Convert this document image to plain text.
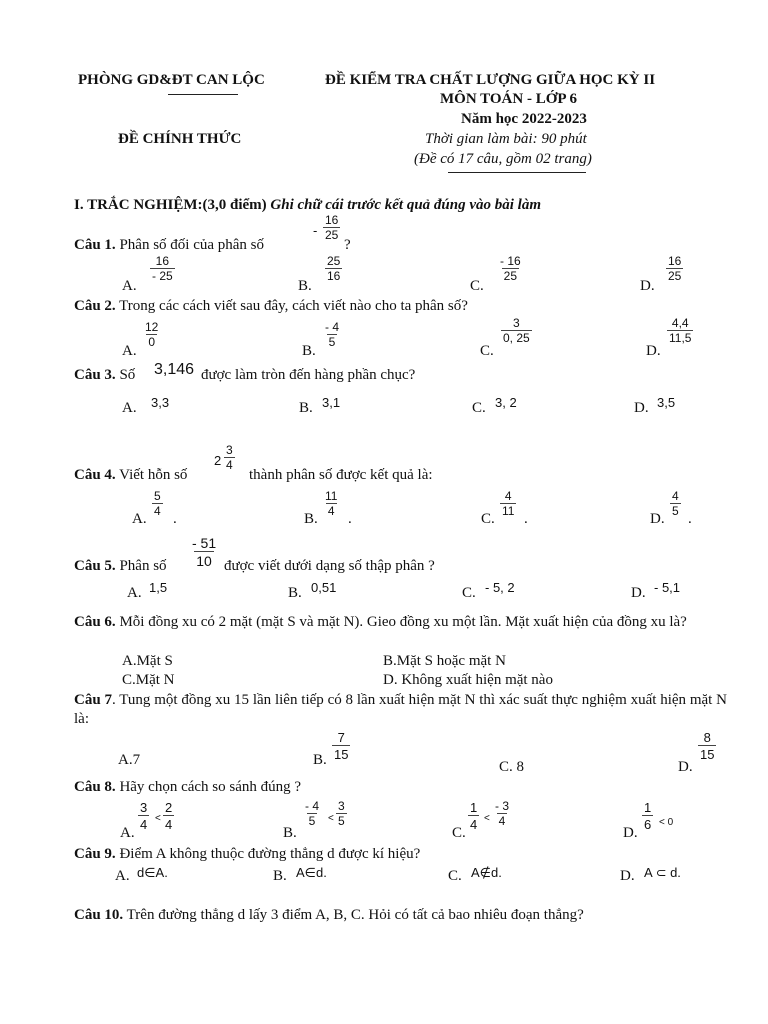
PHÒNG GD&ĐT CAN LỘC
ĐỀ CHÍNH THỨC
ĐỀ KIỂM TRA CHẤT LƯỢNG GIỮA HỌC KỲ II
MÔN TOÁN - LỚP 6
Năm học 2022-2023
Thời gian làm bài: 90 phút
(Đề có 17 câu, gồm 02 trang)
I. TRẮC NGHIỆM:(3,0 điểm) Ghi chữ cái trước kết quả đúng vào bài làm
Câu 1. Phân số đối của phân số
- $\frac{16}{25}$
?
A.
$\frac{16}{- 25}$
B.
$\frac{25}{16}$
C.
$\frac{- 16}{25}$
D.
$\frac{16}{25}$
Câu 2. Trong các cách viết sau đây, cách viết nào cho ta phân số?
A.
$\frac{12}{0}$
B.
$\frac{- 4}{5}$
C.
$\frac{3}{0, 25}$
D.
$\frac{4,4}{11,5}$
Câu 3. Số 3,146 được làm tròn đến hàng phần chục?
A. 3,3	B. 3,1	C. 3, 2	D. 3,5
Câu 4. Viết hỗn số
$2 \frac{3}{4}$
thành phân số được kết quả là:
A.
$\frac{5}{4}$
.	B.
$\frac{11}{4}$
.	C.
$\frac{4}{11}$
.	D.
$\frac{4}{5}$
.
Câu 5. Phân số $\frac{- 51}{10}$ được viết dưới dạng số thập phân ?
A. 1,5	B. 0,51	C. - 5, 2	D. - 5,1
Câu 6. Mỗi đồng xu có 2 mặt (mặt S và mặt N). Gieo đồng xu một lần. Mặt xuất hiện của đồng xu là?
A.Mặt S	B.Mặt S hoặc mặt N
C.Mặt N	D. Không xuất hiện mặt nào
Câu 7. Tung một đồng xu 15 lần liên tiếp có 8 lần xuất hiện mặt N thì xác suất thực nghiệm xuất hiện mặt N là:
A.7	B. $\frac{7}{15}$
C. 8	D.
$\frac{8}{15}$
Câu 8. Hãy chọn cách so sánh đúng ?
A.
$\frac{3}{4} < \frac{2}{4}$
B.
$\frac{- 4}{5} < \frac{3}{5}$
C.
$\frac{1}{4} < \frac{- 3}{4}$
D.
$\frac{1}{6} < 0$
Câu 9. Điểm A không thuộc đường thẳng d được kí hiệu?
A. d∈A.	B. A∈d.	C. A∉d.	D. A ⊂ d.
Câu 10. Trên đường thẳng d lấy 3 điểm A, B, C. Hỏi có tất cả bao nhiêu đoạn thẳng?
